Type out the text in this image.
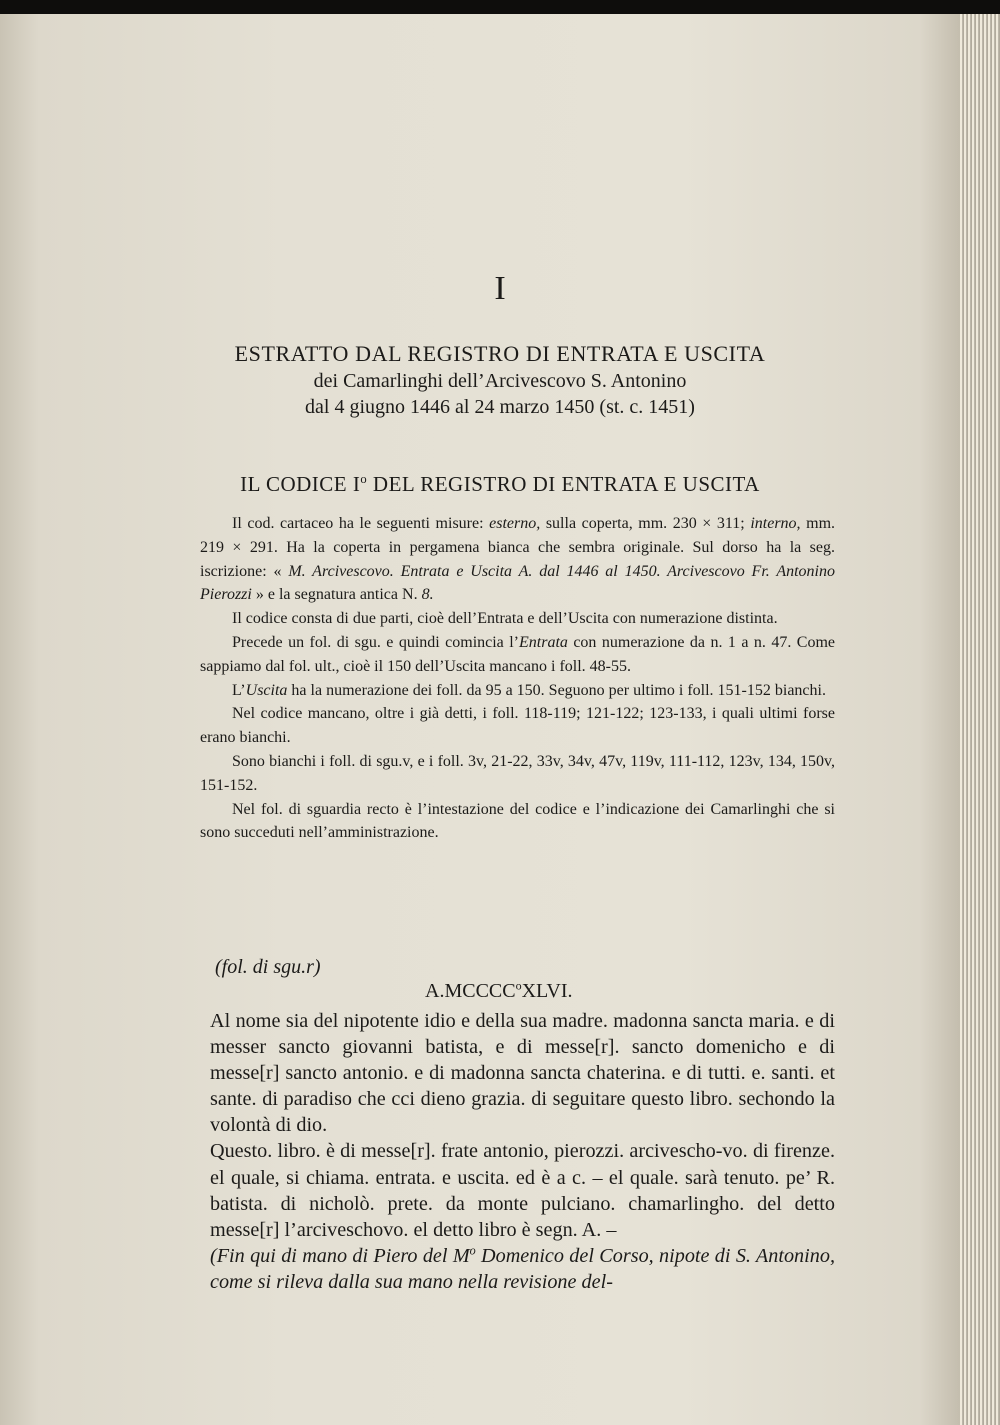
I
ESTRATTO DAL REGISTRO DI ENTRATA E USCITA
dei Camarlinghi dell’Arcivescovo S. Antonino
dal 4 giugno 1446 al 24 marzo 1450 (st. c. 1451)
IL CODICE $I^o$ DEL REGISTRO DI ENTRATA E USCITA

Il cod. cartaceo ha le seguenti misure: esterno, sulla coperta, mm. 230 × 311; interno, mm. 219 × 291. Ha la coperta in pergamena bianca che sembra originale. Sul dorso ha la seg. iscrizione: « M. Arcivescovo. Entrata e Uscita A. dal 1446 al 1450. Arcivescovo Fr. Antonino Pierozzi » e la segnatura antica N. 8.

Il codice consta di due parti, cioè dell’Entrata e dell’Uscita con numerazione distinta.

Precede un fol. di sgu. e quindi comincia l’Entrata con numerazione da n. 1 a n. 47. Come sappiamo dal fol. ult., cioè il 150 dell’Uscita mancano i foll. 48-55.

L’Uscita ha la numerazione dei foll. da 95 a 150. Seguono per ultimo i foll. 151-152 bianchi.

Nel codice mancano, oltre i già detti, i foll. 118-119; 121-122; 123-133, i quali ultimi forse erano bianchi.

Sono bianchi i foll. di sgu.v, e i foll. 3v, 21-22, 33v, 34v, 47v, 119v, 111-112, 123v, 134, 150v, 151-152.

Nel fol. di sguardia recto è l’intestazione del codice e l’indicazione dei Camarlinghi che si sono succeduti nell’amministrazione.

(fol. di sgu.r)
A.MCCCC$^o$XLVI.

Al nome sia del nipotente idio e della sua madre. madonna sancta maria. e di messer sancto giovanni batista, e di messe[r]. sancto domenicho e di messe[r] sancto antonio. e di madonna sancta chaterina. e di tutti. e. santi. et sante. di paradiso che cci dieno grazia. di seguitare questo libro. sechondo la volontà di dio.

Questo. libro. è di messe[r]. frate antonio, pierozzi. arcivescho-vo. di firenze. el quale, si chiama. entrata. e uscita. ed è a c. – el quale. sarà tenuto. pe’ R. batista. di nicholò. prete. da monte pulciano. chamarlingho. del detto messe[r] l’arciveschovo. el detto libro è segn. A. –

(Fin qui di mano di Piero del $M^o$ Domenico del Corso, nipote di S. Antonino, come si rileva dalla sua mano nella revisione del-
